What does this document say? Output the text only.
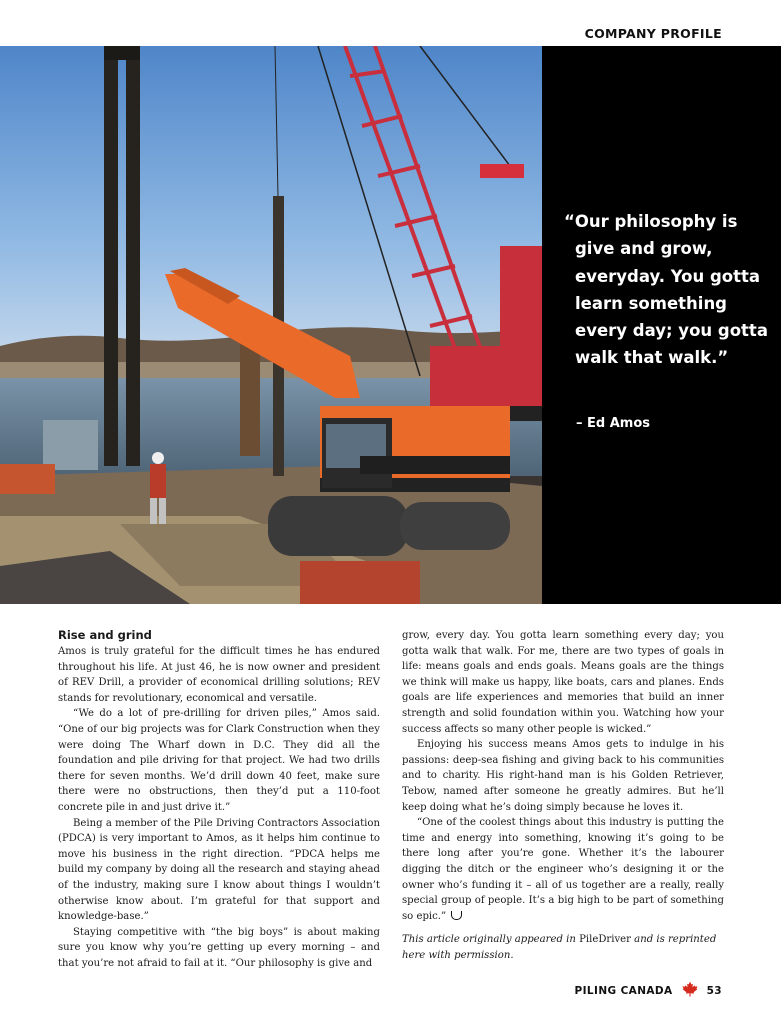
COMPANY PROFILE

“Our philosophy is give and grow, everyday. You gotta learn something every day; you gotta walk that walk.”

– Ed Amos
Rise and grind

Amos is truly grateful for the difficult times he has endured throughout his life. At just 46, he is now owner and president of REV Drill, a provider of economical drilling solutions; REV stands for revolutionary, economical and versatile.

“We do a lot of pre-drilling for driven piles,” Amos said. “One of our big projects was for Clark Construction when they were doing The Wharf down in D.C. They did all the foundation and pile driving for that project. We had two drills there for seven months. We’d drill down 40 feet, make sure there were no obstructions, then they’d put a 110-foot concrete pile in and just drive it.”

Being a member of the Pile Driving Contractors Association (PDCA) is very important to Amos, as it helps him continue to move his business in the right direction. “PDCA helps me build my company by doing all the research and staying ahead of the industry, making sure I know about things I wouldn’t otherwise know about. I’m grateful for that support and knowledge-base.”

Staying competitive with “the big boys” is about making sure you know why you’re getting up every morning – and that you’re not afraid to fail at it. “Our philosophy is give and

grow, every day. You gotta learn something every day; you gotta walk that walk. For me, there are two types of goals in life: means goals and ends goals. Means goals are the things we think will make us happy, like boats, cars and planes. Ends goals are life experiences and memories that build an inner strength and solid foundation within you. Watching how your success affects so many other people is wicked.”

Enjoying his success means Amos gets to indulge in his passions: deep-sea fishing and giving back to his communities and to charity. His right-hand man is his Golden Retriever, Tebow, named after someone he greatly admires. But he’ll keep doing what he’s doing simply because he loves it.

“One of the coolest things about this industry is putting the time and energy into something, knowing it’s going to be there long after you’re gone. Whether it’s the labourer digging the ditch or the engineer who’s designing it or the owner who’s funding it – all of us together are a really, really special group of people. It’s a big high to be part of something so epic.”

This article originally appeared in PileDriver and is reprinted here with permission.

PILING CANADA	53
